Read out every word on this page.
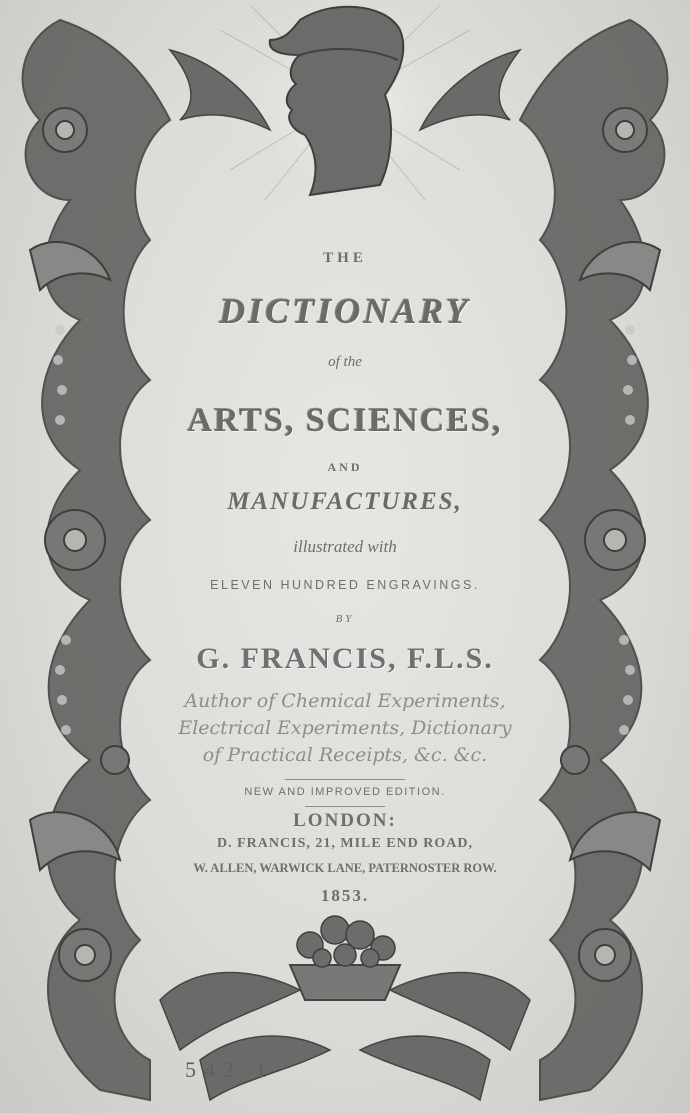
THE
DICTIONARY
of the
ARTS, SCIENCES,
AND
MANUFACTURES,
illustrated with
ELEVEN HUNDRED ENGRAVINGS.
BY
G. FRANCIS, F.L.S.
Author of Chemical Experiments,
Electrical Experiments, Dictionary
of Practical Receipts, &c. &c.
NEW AND IMPROVED EDITION.
LONDON:
D. FRANCIS, 21, MILE END ROAD,
W. ALLEN, WARWICK LANE, PATERNOSTER ROW.
1853.
542 1
